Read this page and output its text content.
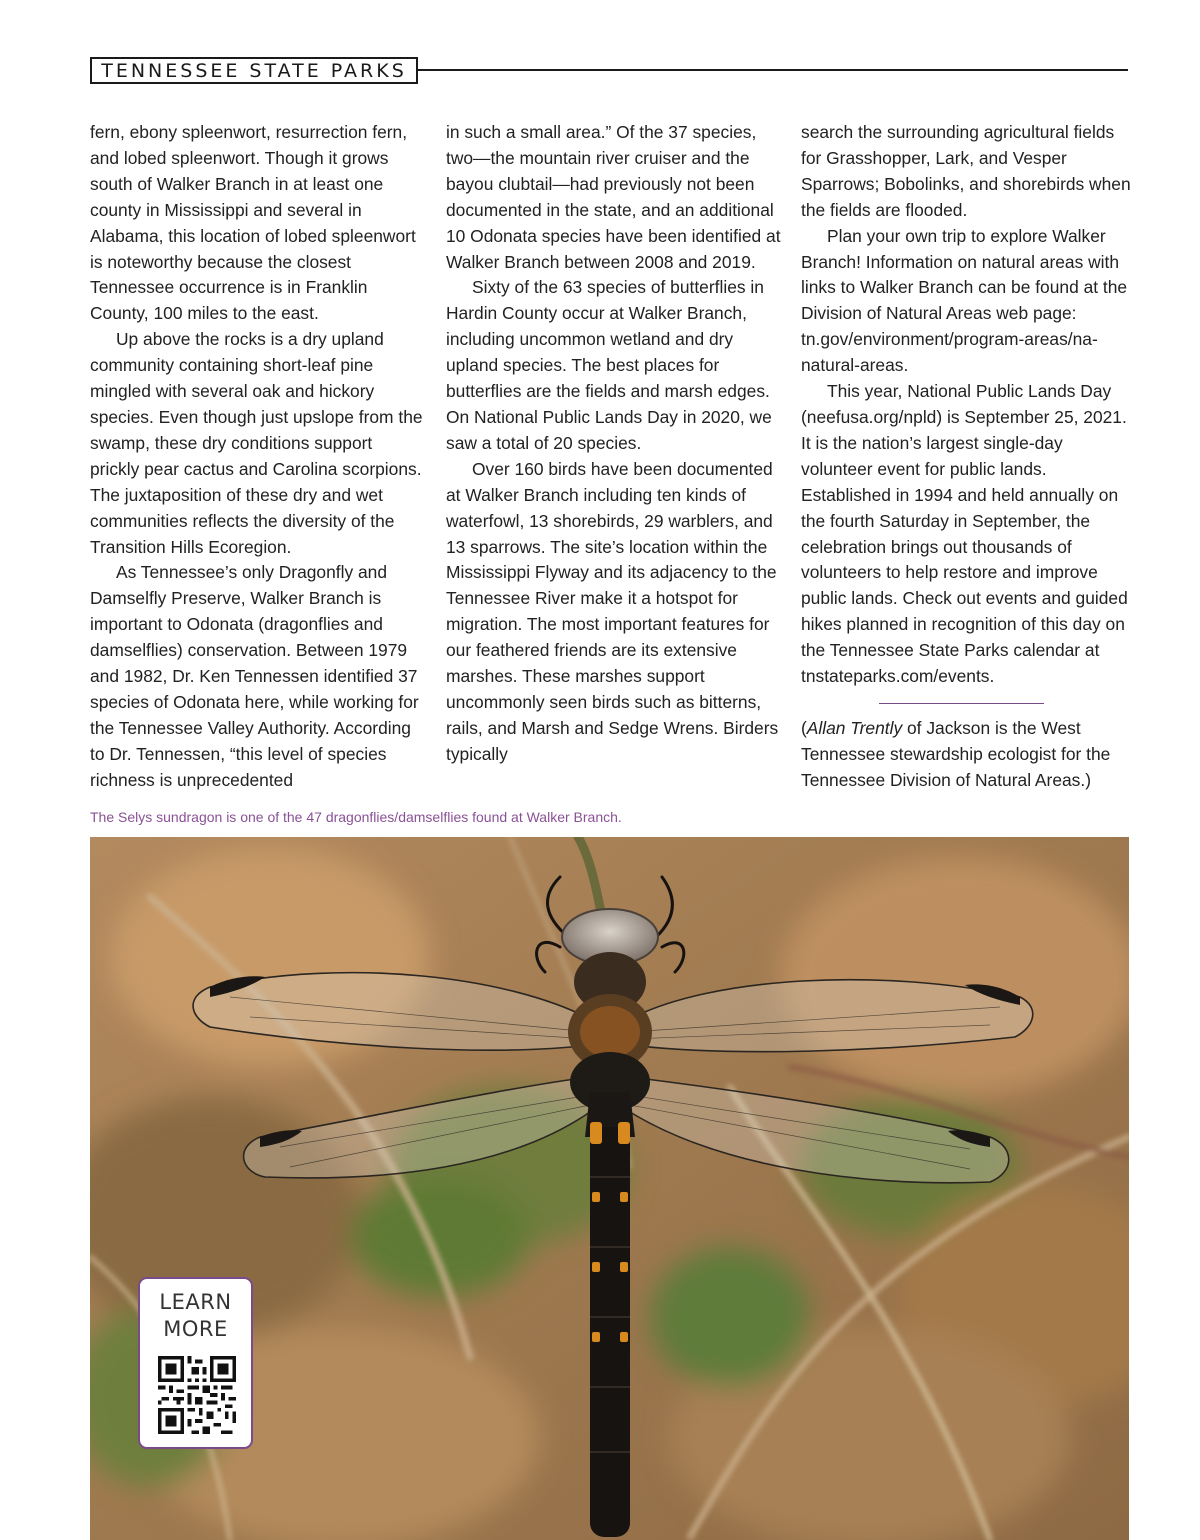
TENNESSEE STATE PARKS

fern, ebony spleenwort, resurrection fern, and lobed spleenwort. Though it grows south of Walker Branch in at least one county in Mississippi and several in Alabama, this location of lobed spleenwort is noteworthy because the closest Tennessee occurrence is in Franklin County, 100 miles to the east.

Up above the rocks is a dry upland community containing short-leaf pine mingled with several oak and hickory species. Even though just upslope from the swamp, these dry conditions support prickly pear cactus and Carolina scorpions. The juxtaposition of these dry and wet communities reflects the diversity of the Transition Hills Ecoregion.

As Tennessee’s only Dragonfly and Damselfly Preserve, Walker Branch is important to Odonata (dragonflies and damselflies) conservation. Between 1979 and 1982, Dr. Ken Tennessen identified 37 species of Odonata here, while working for the Tennessee Valley Authority. According to Dr. Tennessen, “this level of species richness is unprecedented

in such a small area.” Of the 37 species, two—the mountain river cruiser and the bayou clubtail—had previously not been documented in the state, and an additional 10 Odonata species have been identified at Walker Branch between 2008 and 2019.

Sixty of the 63 species of butterflies in Hardin County occur at Walker Branch, including uncommon wetland and dry upland species. The best places for butterflies are the fields and marsh edges. On National Public Lands Day in 2020, we saw a total of 20 species.

Over 160 birds have been documented at Walker Branch including ten kinds of waterfowl, 13 shorebirds, 29 warblers, and 13 sparrows. The site’s location within the Mississippi Flyway and its adjacency to the Tennessee River make it a hotspot for migration. The most important features for our feathered friends are its extensive marshes. These marshes support uncommonly seen birds such as bitterns, rails, and Marsh and Sedge Wrens. Birders typically

search the surrounding agricultural fields for Grasshopper, Lark, and Vesper Sparrows; Bobolinks, and shorebirds when the fields are flooded.

Plan your own trip to explore Walker Branch! Information on natural areas with links to Walker Branch can be found at the Division of Natural Areas web page: tn.gov/environment/program-areas/na-natural-areas.

This year, National Public Lands Day (neefusa.org/npld) is September 25, 2021. It is the nation’s largest single-day volunteer event for public lands. Established in 1994 and held annually on the fourth Saturday in September, the celebration brings out thousands of volunteers to help restore and improve public lands. Check out events and guided hikes planned in recognition of this day on the Tennessee State Parks calendar at tnstateparks.com/events.

(Allan Trently of Jackson is the West Tennessee stewardship ecologist for the Tennessee Division of Natural Areas.)

The Selys sundragon is one of the 47 dragonflies/damselflies found at Walker Branch.
LEARN
MORE
